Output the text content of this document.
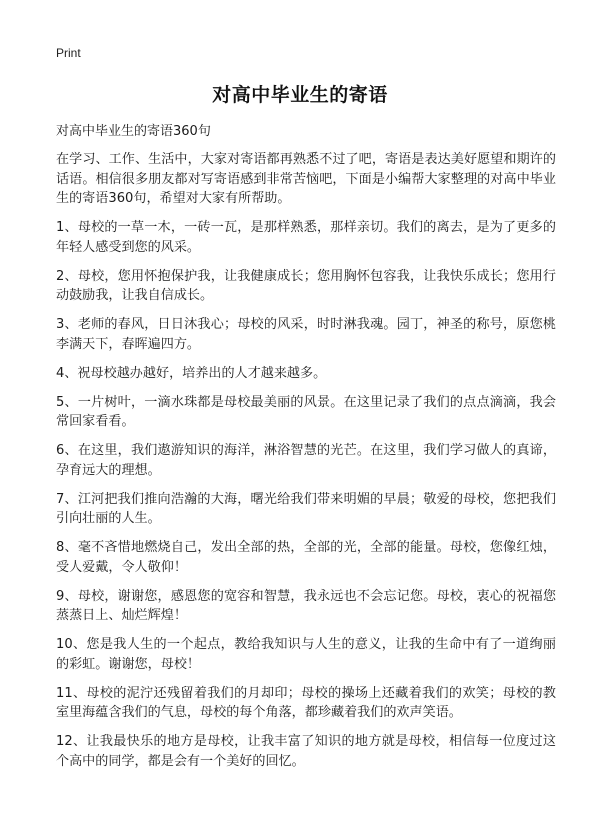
Print
对高中毕业生的寄语

对高中毕业生的寄语360句

在学习、工作、生活中，大家对寄语都再熟悉不过了吧，寄语是表达美好愿望和期许的话语。相信很多朋友都对写寄语感到非常苦恼吧，下面是小编帮大家整理的对高中毕业生的寄语360句，希望对大家有所帮助。

1、母校的一草一木，一砖一瓦，是那样熟悉，那样亲切。我们的离去，是为了更多的年轻人感受到您的风采。

2、母校，您用怀抱保护我，让我健康成长；您用胸怀包容我，让我快乐成长；您用行动鼓励我，让我自信成长。

3、老师的春风，日日沐我心；母校的风采，时时淋我魂。园丁，神圣的称号，原您桃李满天下，春晖遍四方。

4、祝母校越办越好，培养出的人才越来越多。

5、一片树叶，一滴水珠都是母校最美丽的风景。在这里记录了我们的点点滴滴，我会常回家看看。

6、在这里，我们遨游知识的海洋，淋浴智慧的光芒。在这里，我们学习做人的真谛，孕育远大的理想。

7、江河把我们推向浩瀚的大海，曙光给我们带来明媚的早晨；敬爱的母校，您把我们引向壮丽的人生。

8、毫不吝惜地燃烧自己，发出全部的热，全部的光，全部的能量。母校，您像红烛，受人爱戴，令人敬仰！

9、母校，谢谢您，感恩您的宽容和智慧，我永远也不会忘记您。母校，衷心的祝福您蒸蒸日上、灿烂辉煌！

10、您是我人生的一个起点，教给我知识与人生的意义，让我的生命中有了一道绚丽的彩虹。谢谢您，母校！

11、母校的泥泞还残留着我们的月却印；母校的操场上还藏着我们的欢笑；母校的教室里海蕴含我们的气息，母校的每个角落，都珍藏着我们的欢声笑语。

12、让我最快乐的地方是母校，让我丰富了知识的地方就是母校，相信每一位度过这个高中的同学，都是会有一个美好的回忆。
